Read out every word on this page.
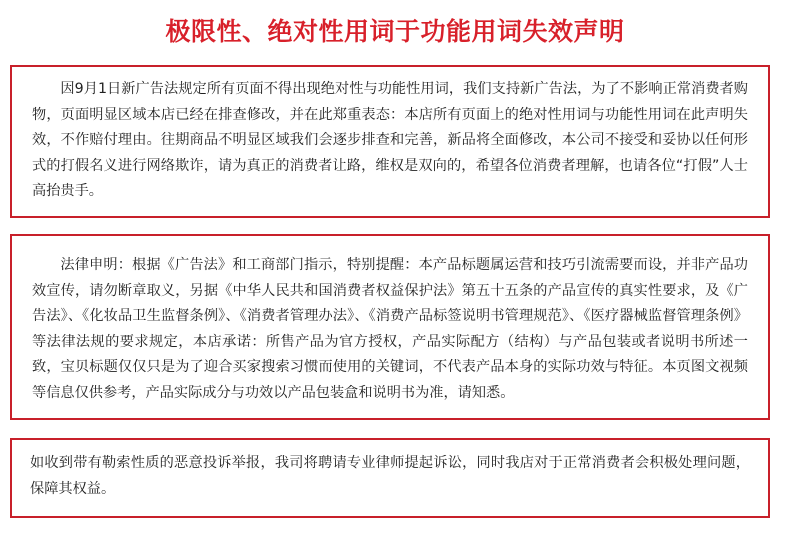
极限性、绝对性用词于功能用词失效声明

因9月1日新广告法规定所有页面不得出现绝对性与功能性用词，我们支持新广告法，为了不影响正常消费者购物，页面明显区域本店已经在排查修改，并在此郑重表态：本店所有页面上的绝对性用词与功能性用词在此声明失效，不作赔付理由。往期商品不明显区域我们会逐步排查和完善，新品将全面修改，本公司不接受和妥协以任何形式的打假名义进行网络欺诈，请为真正的消费者让路，维权是双向的，希望各位消费者理解，也请各位“打假”人士高抬贵手。

法律申明：根据《广告法》和工商部门指示，特别提醒：本产品标题属运营和技巧引流需要而设，并非产品功效宣传，请勿断章取义，另据《中华人民共和国消费者权益保护法》第五十五条的产品宣传的真实性要求，及《广告法》、《化妆品卫生监督条例》、《消费者管理办法》、《消费产品标签说明书管理规范》、《医疗器械监督管理条例》等法律法规的要求规定，本店承诺：所售产品为官方授权，产品实际配方（结构）与产品包装或者说明书所述一致，宝贝标题仅仅只是为了迎合买家搜索习惯而使用的关键词，不代表产品本身的实际功效与特征。本页图文视频等信息仅供参考，产品实际成分与功效以产品包装盒和说明书为准，请知悉。

如收到带有勒索性质的恶意投诉举报，我司将聘请专业律师提起诉讼，同时我店对于正常消费者会积极处理问题，保障其权益。
